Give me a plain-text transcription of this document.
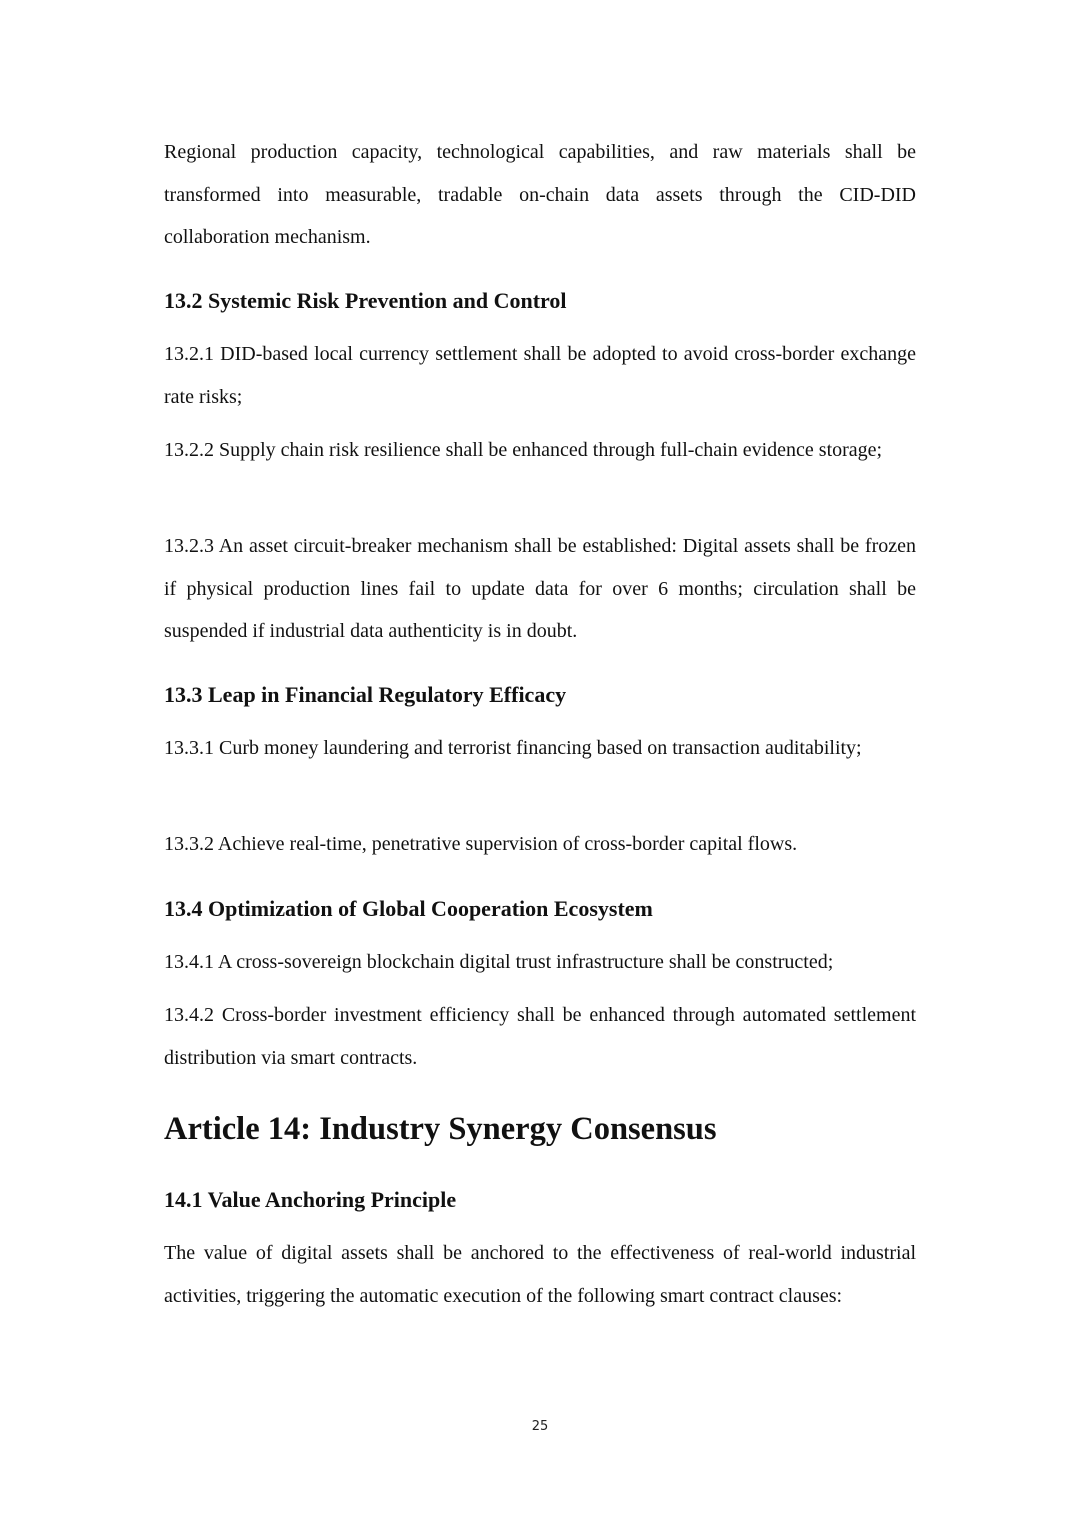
Regional production capacity, technological capabilities, and raw materials shall be transformed into measurable, tradable on-chain data assets through the CID-DID collaboration mechanism.

13.2 Systemic Risk Prevention and Control

13.2.1 DID-based local currency settlement shall be adopted to avoid cross-border exchange rate risks;

13.2.2 Supply chain risk resilience shall be enhanced through full-chain evidence storage;

13.2.3 An asset circuit-breaker mechanism shall be established: Digital assets shall be frozen if physical production lines fail to update data for over 6 months; circulation shall be suspended if industrial data authenticity is in doubt.

13.3 Leap in Financial Regulatory Efficacy

13.3.1 Curb money laundering and terrorist financing based on transaction auditability;

13.3.2 Achieve real-time, penetrative supervision of cross-border capital flows.

13.4 Optimization of Global Cooperation Ecosystem

13.4.1 A cross-sovereign blockchain digital trust infrastructure shall be constructed;

13.4.2 Cross-border investment efficiency shall be enhanced through automated settlement distribution via smart contracts.

Article 14: Industry Synergy Consensus
14.1 Value Anchoring Principle

The value of digital assets shall be anchored to the effectiveness of real-world industrial activities, triggering the automatic execution of the following smart contract clauses:

25
